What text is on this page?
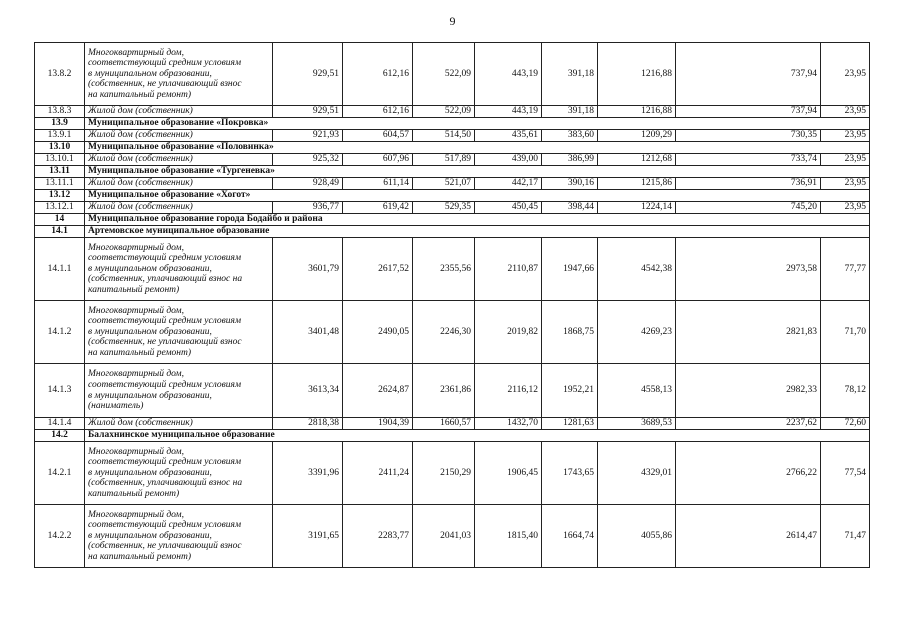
9
13.8.2	Многоквартирный дом,
соответствующий средним условиям
в муниципальном образовании,
(собственник, не уплачивающий взнос
на капитальный ремонт)	929,51	612,16	522,09	443,19	391,18	1216,88	737,94	23,95
13.8.3	Жилой дом (собственник)	929,51	612,16	522,09	443,19	391,18	1216,88	737,94	23,95
13.9	Муниципальное образование «Покровка»								
13.9.1	Жилой дом (собственник)	921,93	604,57	514,50	435,61	383,60	1209,29	730,35	23,95
13.10	Муниципальное образование «Половинка»								
13.10.1	Жилой дом (собственник)	925,32	607,96	517,89	439,00	386,99	1212,68	733,74	23,95
13.11	Муниципальное образование «Тургеневка»								
13.11.1	Жилой дом (собственник)	928,49	611,14	521,07	442,17	390,16	1215,86	736,91	23,95
13.12	Муниципальное образование «Хогот»								
13.12.1	Жилой дом (собственник)	936,77	619,42	529,35	450,45	398,44	1224,14	745,20	23,95
14	Муниципальное образование города Бодайбо и района								
14.1	Артемовское муниципальное образование								
14.1.1	Многоквартирный дом,
соответствующий средним условиям
в муниципальном образовании,
(собственник, уплачивающий взнос на
капитальный ремонт)	3601,79	2617,52	2355,56	2110,87	1947,66	4542,38	2973,58	77,77
14.1.2	Многоквартирный дом,
соответствующий средним условиям
в муниципальном образовании,
(собственник, не уплачивающий взнос
на капитальный ремонт)	3401,48	2490,05	2246,30	2019,82	1868,75	4269,23	2821,83	71,70
14.1.3	Многоквартирный дом,
соответствующий средним условиям
в муниципальном образовании,
(наниматель)	3613,34	2624,87	2361,86	2116,12	1952,21	4558,13	2982,33	78,12
14.1.4	Жилой дом (собственник)	2818,38	1904,39	1660,57	1432,70	1281,63	3689,53	2237,62	72,60
14.2	Балахнинское муниципальное образование								
14.2.1	Многоквартирный дом,
соответствующий средним условиям
в муниципальном образовании,
(собственник, уплачивающий взнос на
капитальный ремонт)	3391,96	2411,24	2150,29	1906,45	1743,65	4329,01	2766,22	77,54
14.2.2	Многоквартирный дом,
соответствующий средним условиям
в муниципальном образовании,
(собственник, не уплачивающий взнос
на капитальный ремонт)	3191,65	2283,77	2041,03	1815,40	1664,74	4055,86	2614,47	71,47
